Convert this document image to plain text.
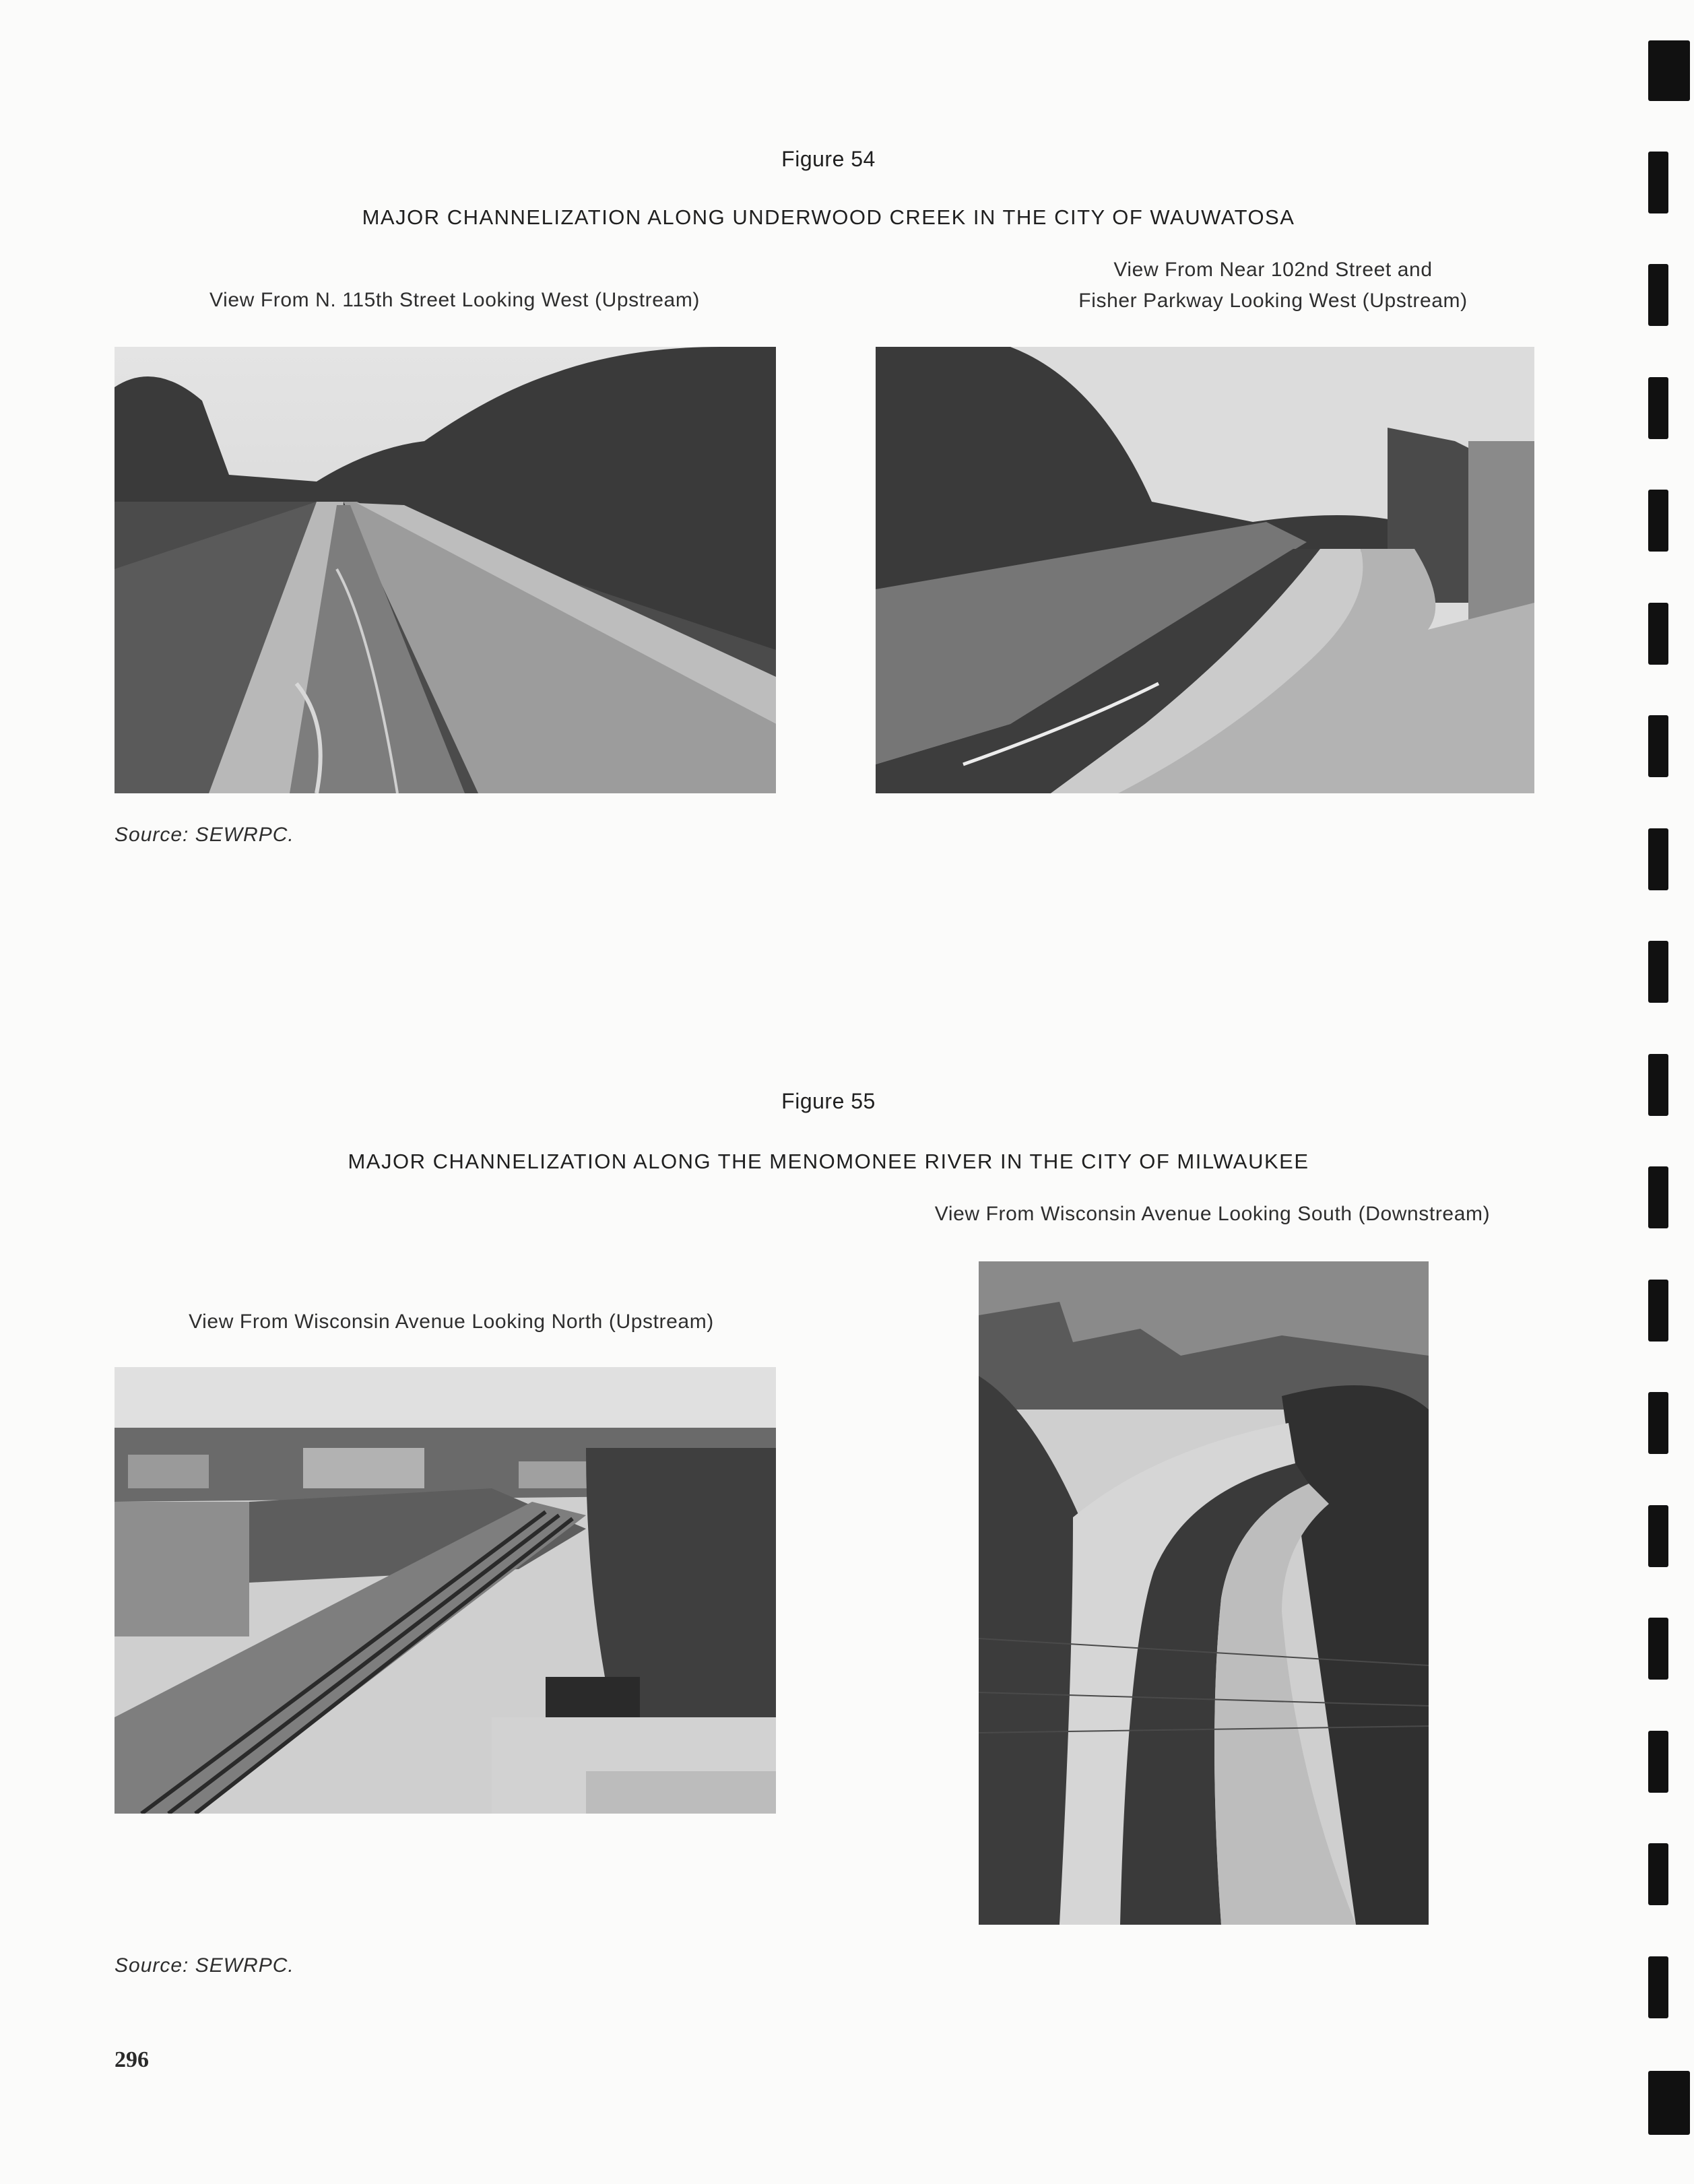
Figure 54
MAJOR CHANNELIZATION ALONG UNDERWOOD CREEK IN THE CITY OF WAUWATOSA
View From N. 115th Street Looking West (Upstream)
View From Near 102nd Street and
Fisher Parkway Looking West (Upstream)
Source: SEWRPC.
Figure 55
MAJOR CHANNELIZATION ALONG THE MENOMONEE RIVER IN THE CITY OF MILWAUKEE
View From Wisconsin Avenue Looking South (Downstream)
View From Wisconsin Avenue Looking North (Upstream)
Source: SEWRPC.
296
